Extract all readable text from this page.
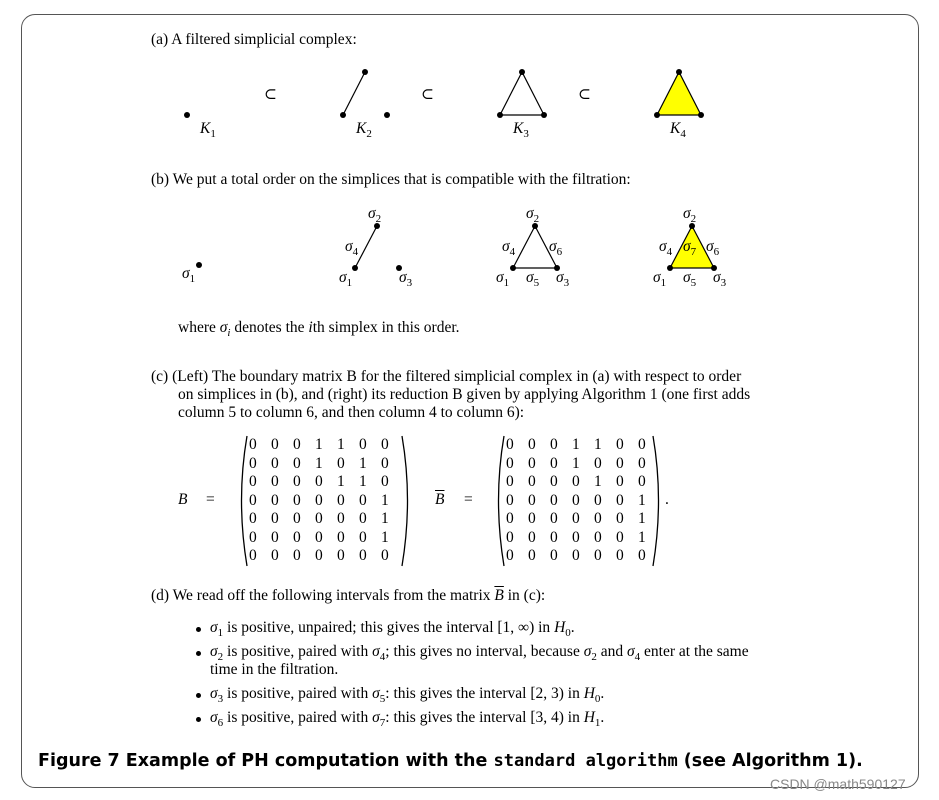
(a) A filtered simplicial complex:
⊂	⊂	⊂
$K_1$	$K_2$	$K_3$	$K_4$
(b) We put a total order on the simplices that is compatible with the filtration:
$\sigma_1$
$\sigma_2$
$\sigma_4$
$\sigma_1$	$\sigma_3$
$\sigma_2$
$\sigma_4$ $\sigma_6$
$\sigma_1$ $\sigma_5$ $\sigma_3$
$\sigma_2$
$\sigma_4$ $\sigma_7$ $\sigma_6$
$\sigma_1$ $\sigma_5$ $\sigma_3$
where $\sigma_i$ denotes the ith simplex in this order.
(c) (Left) The boundary matrix B for the filtered simplicial complex in (a) with respect to order
on simplices in (b), and (right) its reduction B given by applying Algorithm 1 (one first adds
column 5 to column 6, and then column 4 to column 6):
B =	$\overline{B}$ =	.
0 0 0 1 1 0 0
0 0 0 1 0 1 0
0 0 0 0 1 1 0
0 0 0 0 0 0 1
0 0 0 0 0 0 1
0 0 0 0 0 0 1
0 0 0 0 0 0 0
0 0 0 1 1 0 0
0 0 0 1 0 0 0
0 0 0 0 1 0 0
0 0 0 0 0 0 1
0 0 0 0 0 0 1
0 0 0 0 0 0 1
0 0 0 0 0 0 0
(d) We read off the following intervals from the matrix $\overline{B}$ in (c):
$\sigma_1$ is positive, unpaired; this gives the interval [1, ∞) in $H_0$.
$\sigma_2$ is positive, paired with $\sigma_4$; this gives no interval, because $\sigma_2$ and $\sigma_4$ enter at the same
time in the filtration.
$\sigma_3$ is positive, paired with $\sigma_5$: this gives the interval [2, 3) in $H_0$.
$\sigma_6$ is positive, paired with $\sigma_7$: this gives the interval [3, 4) in $H_1$.
Figure 7 Example of PH computation with the standard algorithm (see Algorithm 1).
CSDN @math590127
